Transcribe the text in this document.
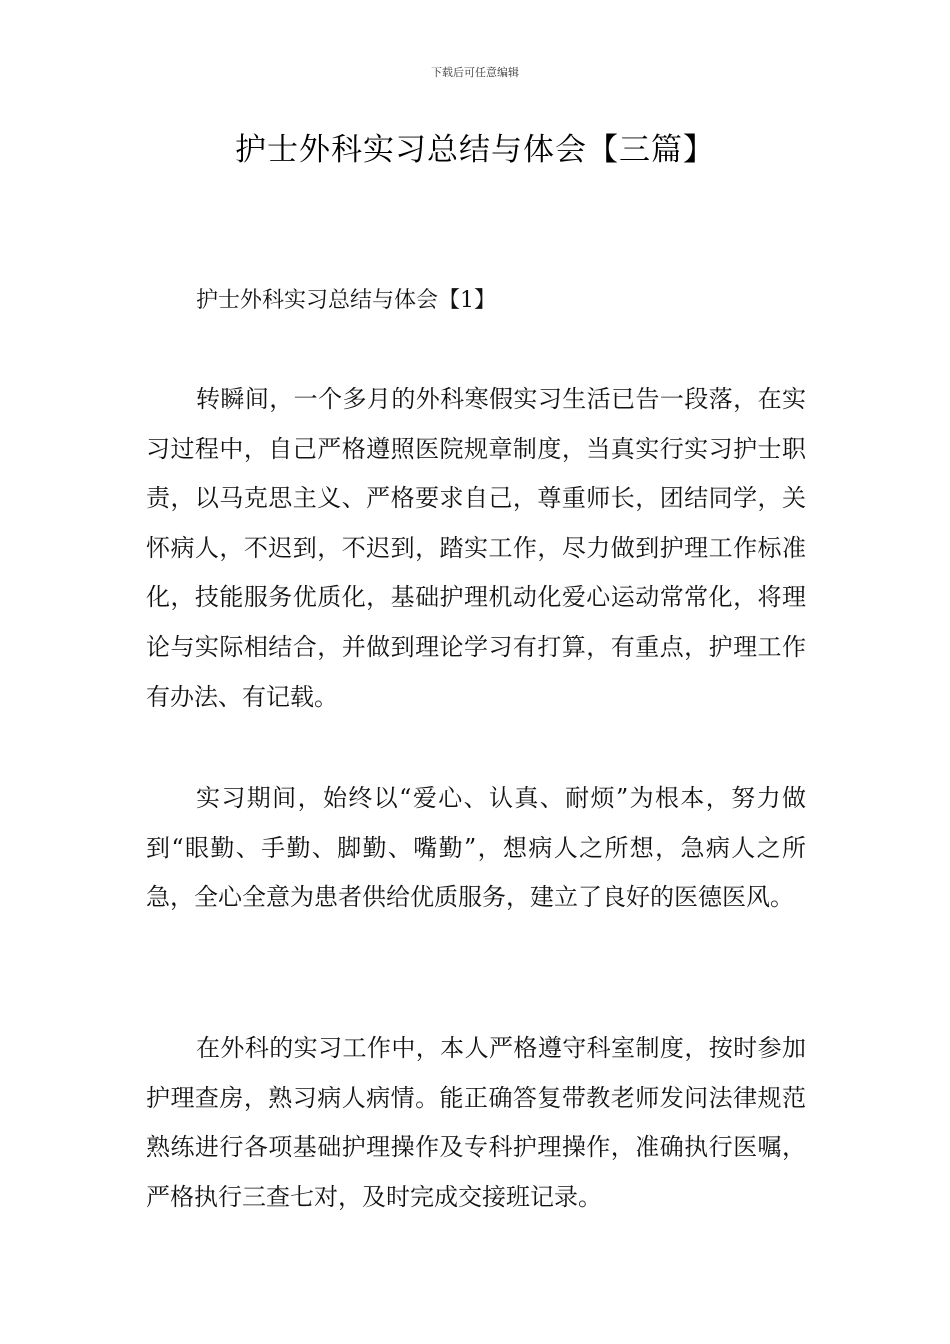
下载后可任意编辑
护士外科实习总结与体会【三篇】
护士外科实习总结与体会【1】

转瞬间，一个多月的外科寒假实习生活已告一段落，在实习过程中，自己严格遵照医院规章制度，当真实行实习护士职责，以马克思主义、严格要求自己，尊重师长，团结同学，关怀病人，不迟到，不迟到，踏实工作，尽力做到护理工作标准化，技能服务优质化，基础护理机动化爱心运动常常化，将理论与实际相结合，并做到理论学习有打算，有重点，护理工作有办法、有记载。

实习期间，始终以“爱心、认真、耐烦”为根本，努力做到“眼勤、手勤、脚勤、嘴勤”，想病人之所想，急病人之所急，全心全意为患者供给优质服务，建立了良好的医德医风。

在外科的实习工作中，本人严格遵守科室制度，按时参加护理查房，熟习病人病情。能正确答复带教老师发问法律规范熟练进行各项基础护理操作及专科护理操作，准确执行医嘱，严格执行三查七对，及时完成交接班记录。
